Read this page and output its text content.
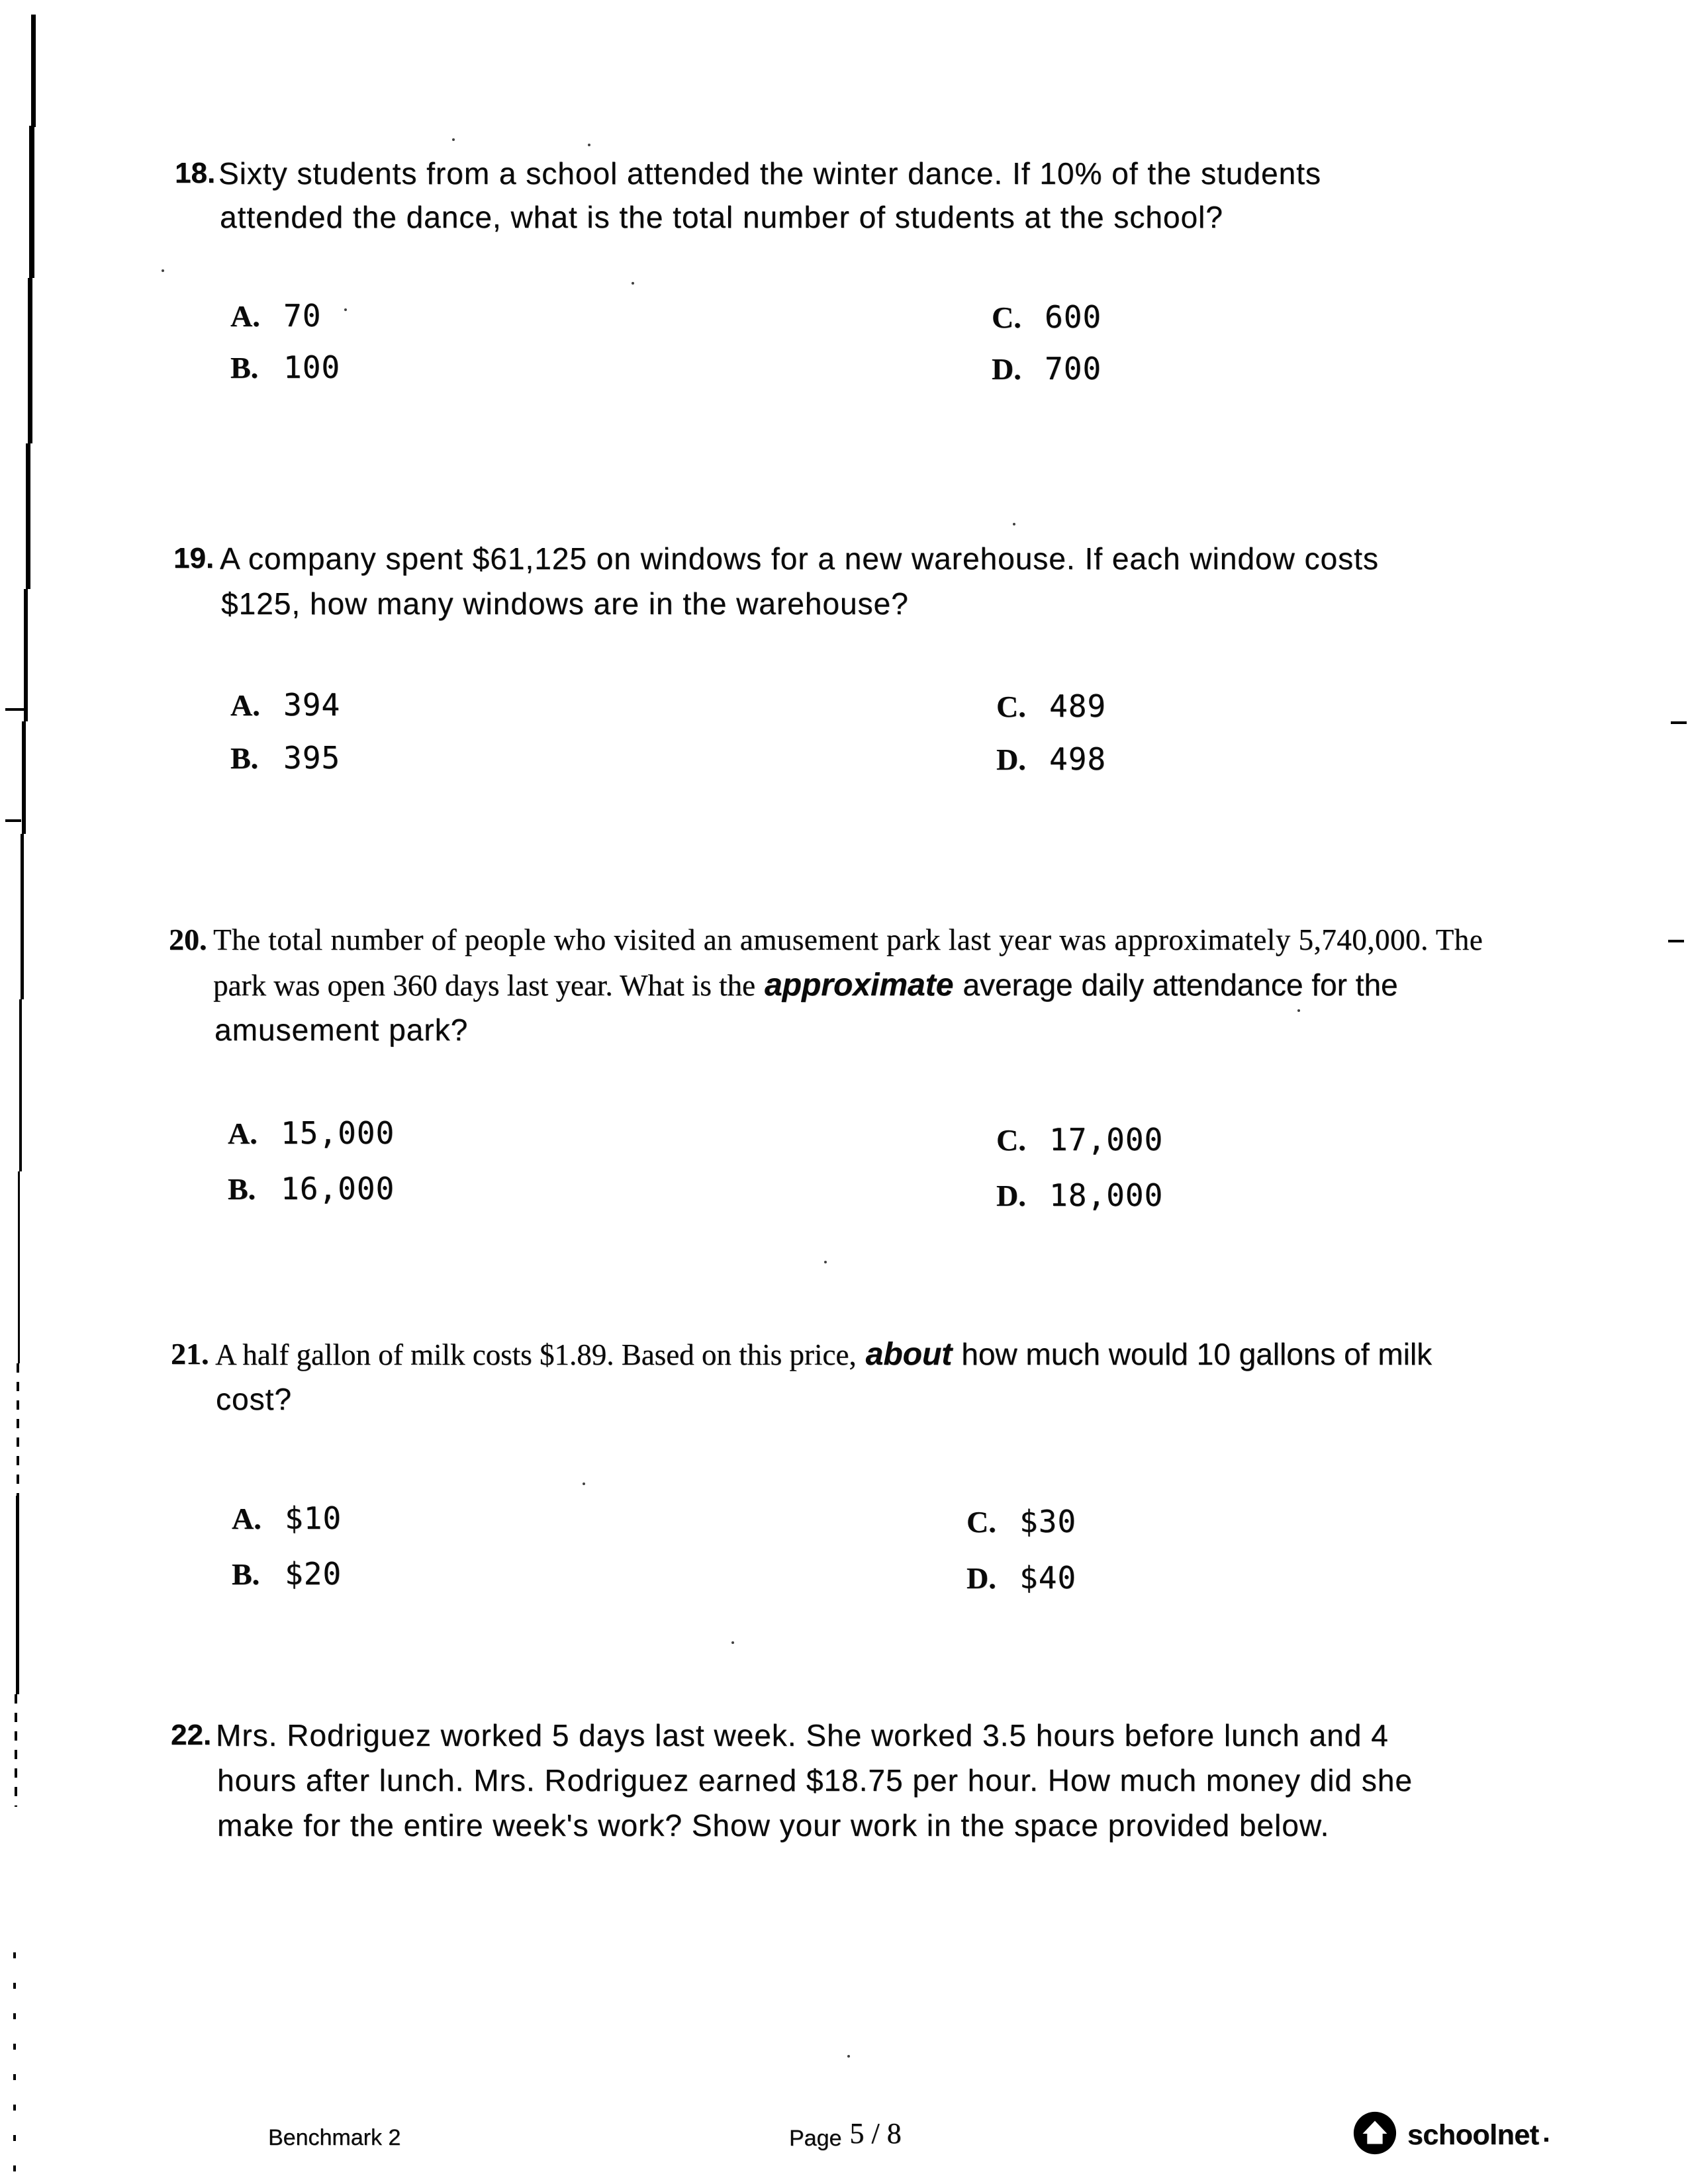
18. Sixty students from a school attended the winter dance. If 10% of the students
attended the dance, what is the total number of students at the school?
A. 70
B. 100
C. 600
D. 700
19. A company spent $61,125 on windows for a new warehouse. If each window costs
$125, how many windows are in the warehouse?
A. 394
B. 395
C. 489
D. 498
20. The total number of people who visited an amusement park last year was approximately 5,740,000. The
park was open 360 days last year. What is the approximate average daily attendance for the
amusement park?
A. 15,000
B. 16,000
C. 17,000
D. 18,000
21. A half gallon of milk costs $1.89. Based on this price, about how much would 10 gallons of milk
cost?
A. $10
B. $20
C. $30
D. $40
22. Mrs. Rodriguez worked 5 days last week. She worked 3.5 hours before lunch and 4
hours after lunch. Mrs. Rodriguez earned $18.75 per hour. How much money did she
make for the entire week's work? Show your work in the space provided below.
Benchmark 2	Page 5 / 8	schoolnet
